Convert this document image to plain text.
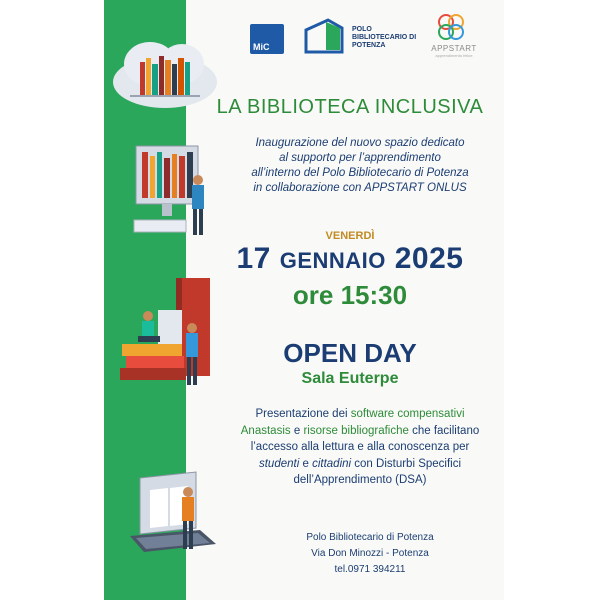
MiC
POLO BIBLIOTECARIO DI POTENZA	APPSTART
apprendimento felice
LA BIBLIOTECA INCLUSIVA
Inaugurazione del nuovo spazio dedicato
al supporto per l’apprendimento
all’interno del Polo Bibliotecario di Potenza
in collaborazione con APPSTART ONLUS
VENERDÌ
17 GENNAIO 2025
ore 15:30
OPEN DAY
Sala Euterpe
Presentazione dei software compensativi
Anastasis e risorse bibliografiche che facilitano
l’accesso alla lettura e alla conoscenza per
studenti e cittadini con Disturbi Specifici
dell’Apprendimento (DSA)
Polo Bibliotecario di Potenza
Via Don Minozzi - Potenza
tel.0971 394211
